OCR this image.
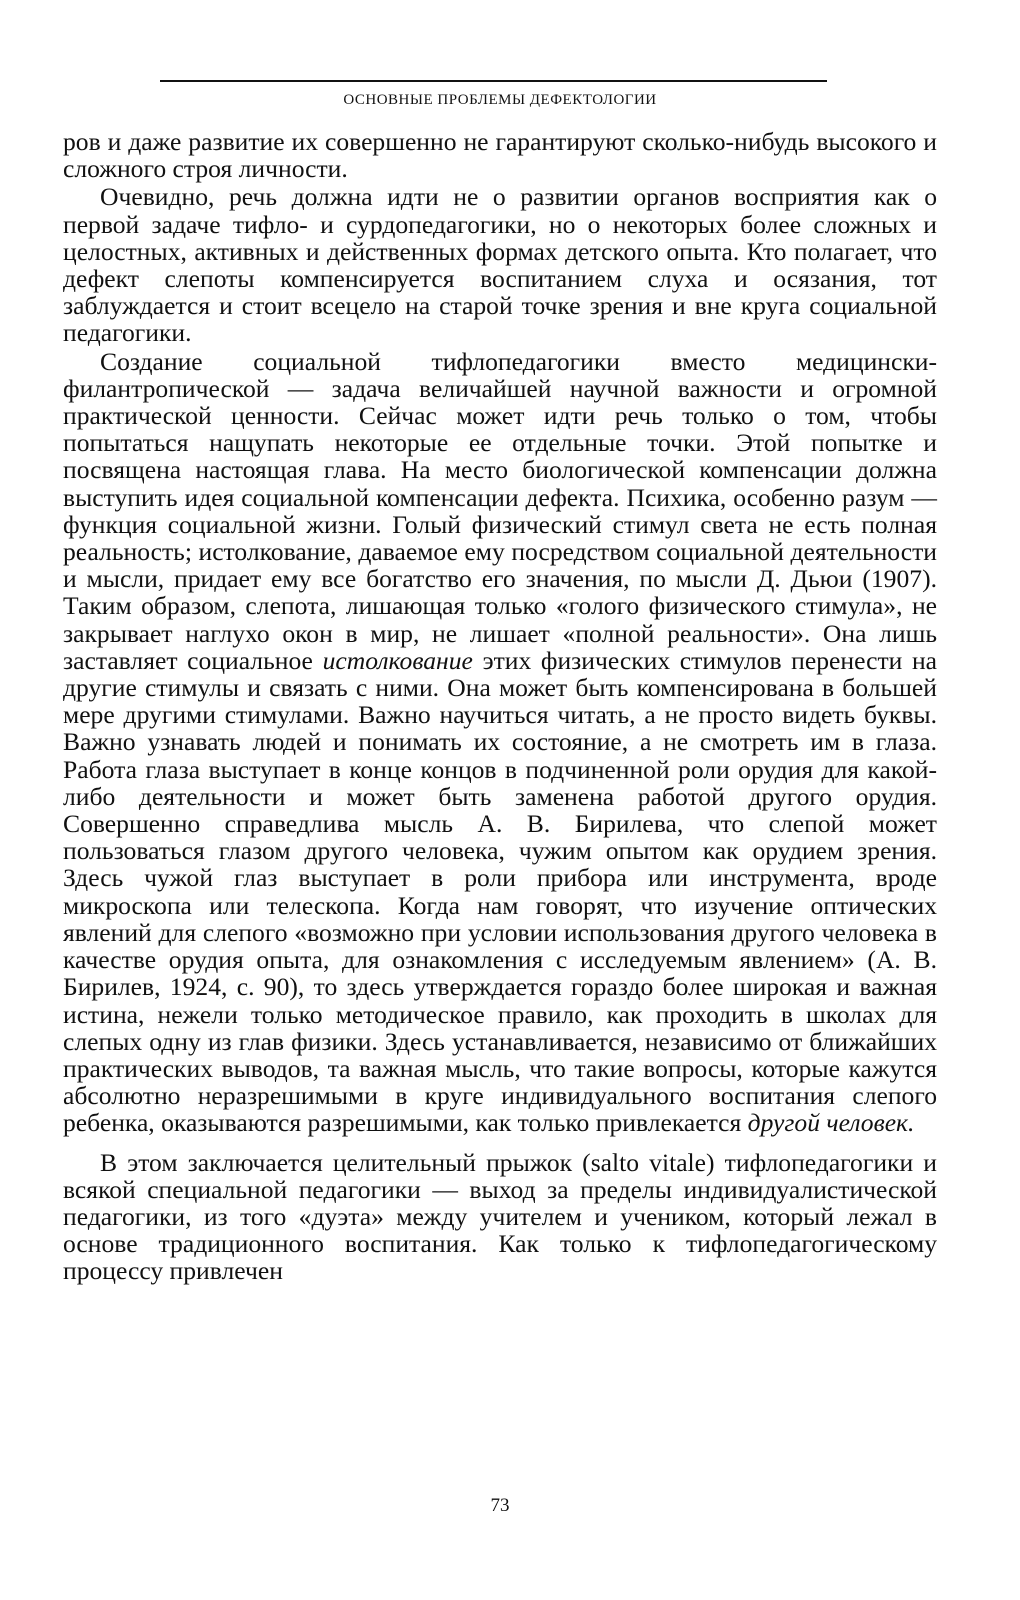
ОСНОВНЫЕ ПРОБЛЕМЫ ДЕФЕКТОЛОГИИ

ров и даже развитие их совершенно не гарантируют сколько-нибудь высокого и сложного строя личности.

Очевидно, речь должна идти не о развитии органов восприятия как о первой задаче тифло- и сурдопедагогики, но о некоторых более сложных и целостных, активных и действенных формах детского опыта. Кто полагает, что дефект слепоты компенсируется воспитанием слуха и осязания, тот заблуждается и стоит всецело на старой точке зрения и вне круга социальной педагогики.

Создание социальной тифлопедагогики вместо медицински-филантропической — задача величайшей научной важности и огромной практической ценности. Сейчас может идти речь только о том, чтобы попытаться нащупать некоторые ее отдельные точки. Этой попытке и посвящена настоящая глава. На место биологической компенсации должна выступить идея социальной компенсации дефекта. Психика, особенно разум — функция социальной жизни. Голый физический стимул света не есть полная реальность; истолкование, даваемое ему посредством социальной деятельности и мысли, придает ему все богатство его значения, по мысли Д. Дьюи (1907). Таким образом, слепота, лишающая только «голого физического стимула», не закрывает наглухо окон в мир, не лишает «полной реальности». Она лишь заставляет социальное истолкование этих физических стимулов перенести на другие стимулы и связать с ними. Она может быть компенсирована в большей мере другими стимулами. Важно научиться читать, а не просто видеть буквы. Важно узнавать людей и понимать их состояние, а не смотреть им в глаза. Работа глаза выступает в конце концов в подчиненной роли орудия для какой-либо деятельности и может быть заменена работой другого орудия. Совершенно справедлива мысль А. В. Бирилева, что слепой может пользоваться глазом другого человека, чужим опытом как орудием зрения. Здесь чужой глаз выступает в роли прибора или инструмента, вроде микроскопа или телескопа. Когда нам говорят, что изучение оптических явлений для слепого «возможно при условии использования другого человека в качестве орудия опыта, для ознакомления с исследуемым явлением» (А. В. Бирилев, 1924, с. 90), то здесь утверждается гораздо более широкая и важная истина, нежели только методическое правило, как проходить в школах для слепых одну из глав физики. Здесь устанавливается, независимо от ближайших практических выводов, та важная мысль, что такие вопросы, которые кажутся абсолютно неразрешимыми в круге индивидуального воспитания слепого ребенка, оказываются разрешимыми, как только привлекается другой человек.

В этом заключается целительный прыжок (salto vitale) тифлопедагогики и всякой специальной педагогики — выход за пределы индивидуалистической педагогики, из того «дуэта» между учителем и учеником, который лежал в основе традиционного воспитания. Как только к тифлопедагогическому процессу привлечен

73
